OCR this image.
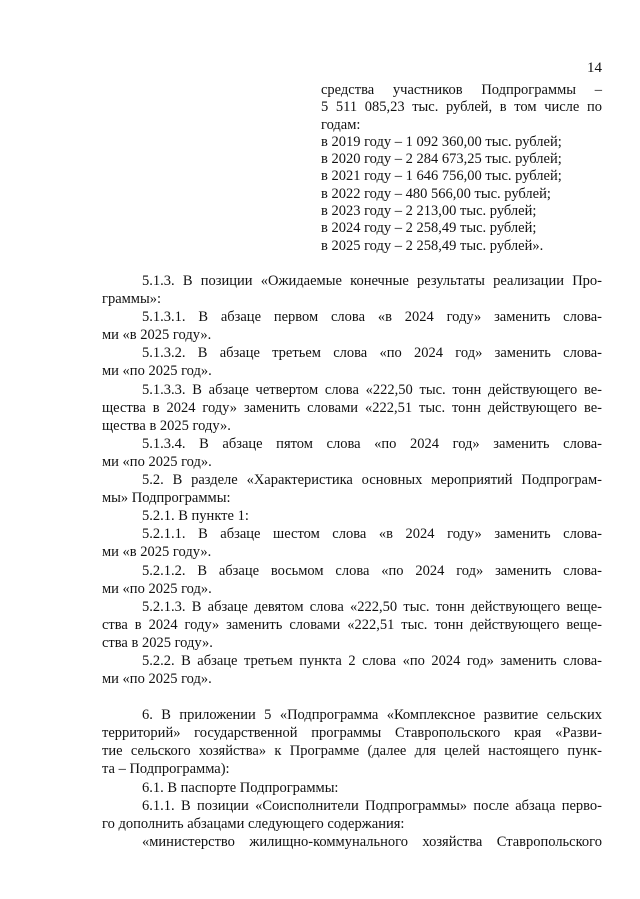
14
средства участников Подпрограммы –
5 511 085,23 тыс. рублей, в том числе по
годам:
в 2019 году – 1 092 360,00 тыс. рублей;
в 2020 году – 2 284 673,25 тыс. рублей;
в 2021 году – 1 646 756,00 тыс. рублей;
в 2022 году – 480 566,00 тыс. рублей;
в 2023 году – 2 213,00 тыс. рублей;
в 2024 году – 2 258,49 тыс. рублей;
в 2025 году – 2 258,49 тыс. рублей».

5.1.3. В позиции «Ожидаемые конечные результаты реализации Про-
граммы»:

5.1.3.1. В абзаце первом слова «в 2024 году» заменить слова-
ми «в 2025 году».

5.1.3.2. В абзаце третьем слова «по 2024 год» заменить слова-
ми «по 2025 год».

5.1.3.3. В абзаце четвертом слова «222,50 тыс. тонн действующего ве-
щества в 2024 году» заменить словами «222,51 тыс. тонн действующего ве-
щества в 2025 году».

5.1.3.4. В абзаце пятом слова «по 2024 год» заменить слова-
ми «по 2025 год».

5.2. В разделе «Характеристика основных мероприятий Подпрограм-
мы» Подпрограммы:

5.2.1. В пункте 1:

5.2.1.1. В абзаце шестом слова «в 2024 году» заменить слова-
ми «в 2025 году».

5.2.1.2. В абзаце восьмом слова «по 2024 год» заменить слова-
ми «по 2025 год».

5.2.1.3. В абзаце девятом слова «222,50 тыс. тонн действующего веще-
ства в 2024 году» заменить словами «222,51 тыс. тонн действующего веще-
ства в 2025 году».

5.2.2. В абзаце третьем пункта 2 слова «по 2024 год» заменить слова-
ми «по 2025 год».

6. В приложении 5 «Подпрограмма «Комплексное развитие сельских
территорий» государственной программы Ставропольского края «Разви-
тие сельского хозяйства» к Программе (далее для целей настоящего пунк-
та – Подпрограмма):

6.1. В паспорте Подпрограммы:

6.1.1. В позиции «Соисполнители Подпрограммы» после абзаца перво-
го дополнить абзацами следующего содержания:

«министерство жилищно-коммунального хозяйства Ставропольского
